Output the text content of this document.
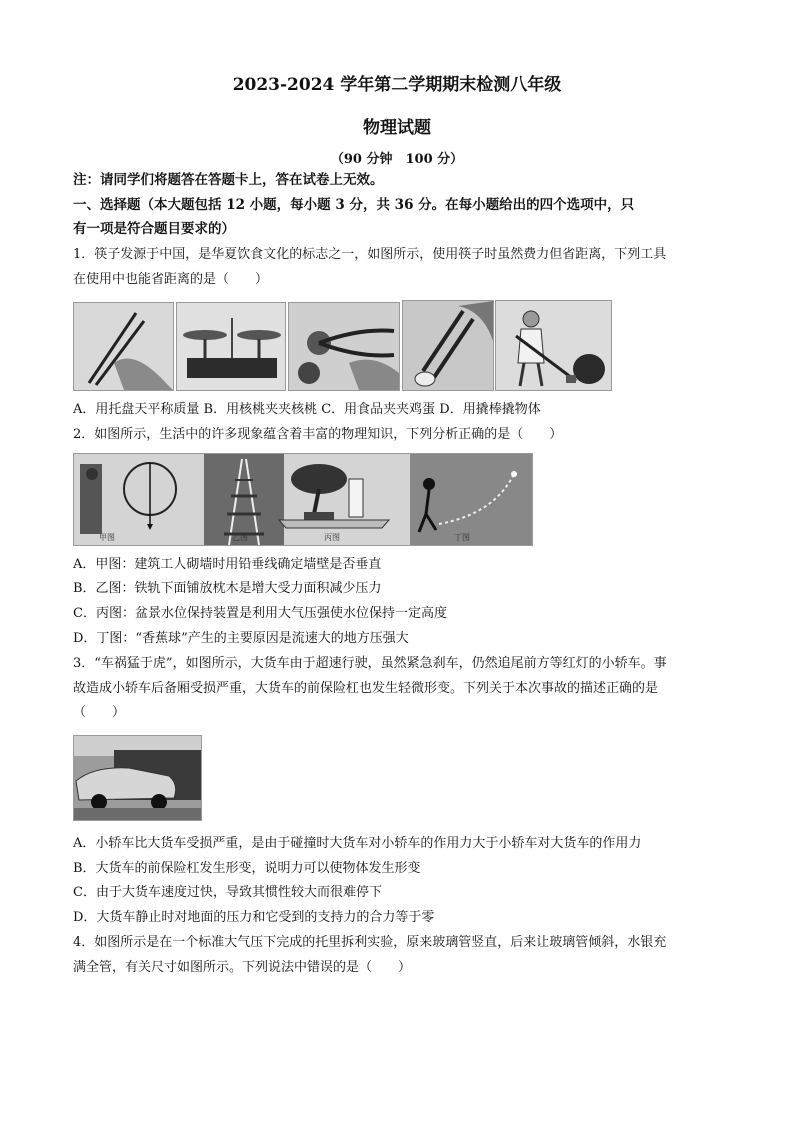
2023-2024 学年第二学期期末检测八年级
物理试题
（90 分钟　100 分）
注：请同学们将题答在答题卡上，答在试卷上无效。
一、选择题（本大题包括 12 小题，每小题 3 分，共 36 分。在每小题给出的四个选项中，只
有一项是符合题目要求的）
1．筷子发源于中国，是华夏饮食文化的标志之一，如图所示，使用筷子时虽然费力但省距离，下列工具
在使用中也能省距离的是（　　）
A．用托盘天平称质量 B．用核桃夹夹核桃 C．用食品夹夹鸡蛋 D．用撬棒撬物体
2．如图所示，生活中的许多现象蕴含着丰富的物理知识，下列分析正确的是（　　）
甲图	乙图	丙图	丁图
A．甲图：建筑工人砌墙时用铅垂线确定墙壁是否垂直
B．乙图：铁轨下面铺放枕木是增大受力面积减少压力
C．丙图：盆景水位保持装置是利用大气压强使水位保持一定高度
D．丁图：“香蕉球”产生的主要原因是流速大的地方压强大
3．“车祸猛于虎”，如图所示，大货车由于超速行驶，虽然紧急刹车，仍然追尾前方等红灯的小轿车。事
故造成小轿车后备厢受损严重，大货车的前保险杠也发生轻微形变。下列关于本次事故的描述正确的是
（　　）
A．小轿车比大货车受损严重，是由于碰撞时大货车对小轿车的作用力大于小轿车对大货车的作用力
B．大货车的前保险杠发生形变，说明力可以使物体发生形变
C．由于大货车速度过快，导致其惯性较大而很难停下
D．大货车静止时对地面的压力和它受到的支持力的合力等于零
4．如图所示是在一个标准大气压下完成的托里拆利实验，原来玻璃管竖直，后来让玻璃管倾斜，水银充
满全管，有关尺寸如图所示。下列说法中错误的是（　　）
